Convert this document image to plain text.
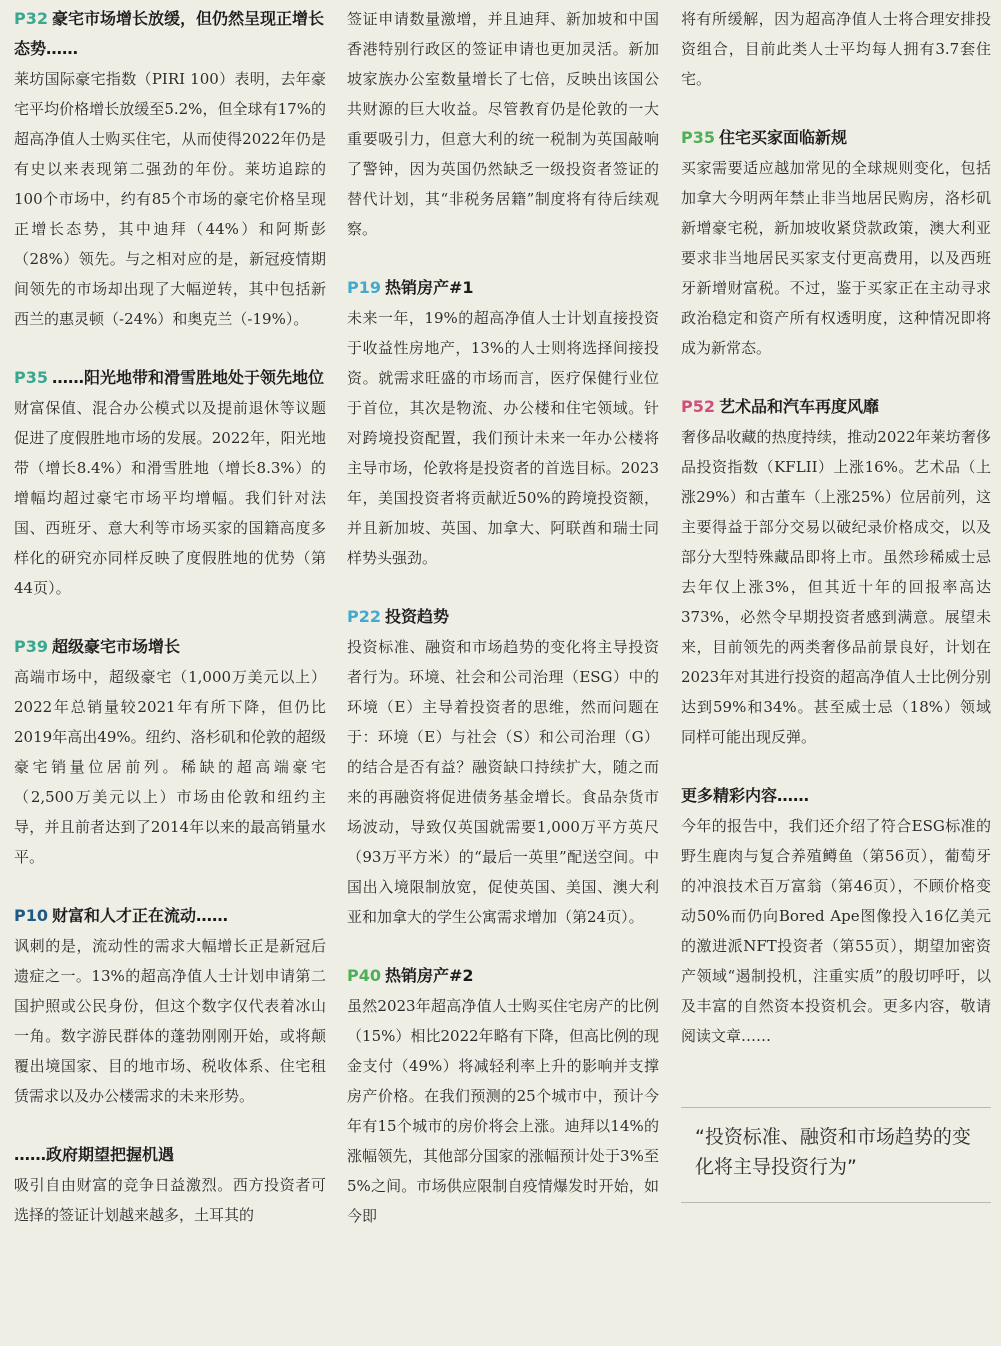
P32 豪宅市场增长放缓，但仍然呈现正增长态势……
莱坊国际豪宅指数（PIRI 100）表明，去年豪宅平均价格增长放缓至5.2%，但全球有17%的超高净值人士购买住宅，从而使得2022年仍是有史以来表现第二强劲的年份。莱坊追踪的100个市场中，约有85个市场的豪宅价格呈现正增长态势，其中迪拜（44%）和阿斯彭（28%）领先。与之相对应的是，新冠疫情期间领先的市场却出现了大幅逆转，其中包括新西兰的惠灵顿（-24%）和奥克兰（-19%）。
P35 ……阳光地带和滑雪胜地处于领先地位
财富保值、混合办公模式以及提前退休等议题促进了度假胜地市场的发展。2022年，阳光地带（增长8.4%）和滑雪胜地（增长8.3%）的增幅均超过豪宅市场平均增幅。我们针对法国、西班牙、意大利等市场买家的国籍高度多样化的研究亦同样反映了度假胜地的优势（第44页）。
P39 超级豪宅市场增长
高端市场中，超级豪宅（1,000万美元以上）2022年总销量较2021年有所下降，但仍比2019年高出49%。纽约、洛杉矶和伦敦的超级豪宅销量位居前列。稀缺的超高端豪宅（2,500万美元以上）市场由伦敦和纽约主导，并且前者达到了2014年以来的最高销量水平。
P10 财富和人才正在流动……
讽刺的是，流动性的需求大幅增长正是新冠后遗症之一。13%的超高净值人士计划申请第二国护照或公民身份，但这个数字仅代表着冰山一角。数字游民群体的蓬勃刚刚开始，或将颠覆出境国家、目的地市场、税收体系、住宅租赁需求以及办公楼需求的未来形势。
……政府期望把握机遇
吸引自由财富的竞争日益激烈。西方投资者可选择的签证计划越来越多，土耳其的
签证申请数量激增，并且迪拜、新加坡和中国香港特别行政区的签证申请也更加灵活。新加坡家族办公室数量增长了七倍，反映出该国公共财源的巨大收益。尽管教育仍是伦敦的一大重要吸引力，但意大利的统一税制为英国敲响了警钟，因为英国仍然缺乏一级投资者签证的替代计划，其“非税务居籍”制度将有待后续观察。
P19 热销房产#1
未来一年，19%的超高净值人士计划直接投资于收益性房地产，13%的人士则将选择间接投资。就需求旺盛的市场而言，医疗保健行业位于首位，其次是物流、办公楼和住宅领域。针对跨境投资配置，我们预计未来一年办公楼将主导市场，伦敦将是投资者的首选目标。2023年，美国投资者将贡献近50%的跨境投资额，并且新加坡、英国、加拿大、阿联酋和瑞士同样势头强劲。
P22 投资趋势
投资标准、融资和市场趋势的变化将主导投资者行为。环境、社会和公司治理（ESG）中的环境（E）主导着投资者的思维，然而问题在于：环境（E）与社会（S）和公司治理（G）的结合是否有益？融资缺口持续扩大，随之而来的再融资将促进债务基金增长。食品杂货市场波动，导致仅英国就需要1,000万平方英尺（93万平方米）的“最后一英里”配送空间。中国出入境限制放宽，促使英国、美国、澳大利亚和加拿大的学生公寓需求增加（第24页）。
P40 热销房产#2
虽然2023年超高净值人士购买住宅房产的比例（15%）相比2022年略有下降，但高比例的现金支付（49%）将减轻利率上升的影响并支撑房产价格。在我们预测的25个城市中，预计今年有15个城市的房价将会上涨。迪拜以14%的涨幅领先，其他部分国家的涨幅预计处于3%至5%之间。市场供应限制自疫情爆发时开始，如今即
将有所缓解，因为超高净值人士将合理安排投资组合，目前此类人士平均每人拥有3.7套住宅。
P35 住宅买家面临新规
买家需要适应越加常见的全球规则变化，包括加拿大今明两年禁止非当地居民购房，洛杉矶新增豪宅税，新加坡收紧贷款政策，澳大利亚要求非当地居民买家支付更高费用，以及西班牙新增财富税。不过，鉴于买家正在主动寻求政治稳定和资产所有权透明度，这种情况即将成为新常态。
P52 艺术品和汽车再度风靡
奢侈品收藏的热度持续，推动2022年莱坊奢侈品投资指数（KFLII）上涨16%。艺术品（上涨29%）和古董车（上涨25%）位居前列，这主要得益于部分交易以破纪录价格成交，以及部分大型特殊藏品即将上市。虽然珍稀威士忌去年仅上涨3%，但其近十年的回报率高达373%，必然令早期投资者感到满意。展望未来，目前领先的两类奢侈品前景良好，计划在2023年对其进行投资的超高净值人士比例分别达到59%和34%。甚至威士忌（18%）领域同样可能出现反弹。
更多精彩内容……
今年的报告中，我们还介绍了符合ESG标准的野生鹿肉与复合养殖鳟鱼（第56页），葡萄牙的冲浪技术百万富翁（第46页），不顾价格变动50%而仍向Bored Ape图像投入16亿美元的激进派NFT投资者（第55页），期望加密资产领域“遏制投机，注重实质”的殷切呼吁，以及丰富的自然资本投资机会。更多内容，敬请阅读文章……
“投资标准、融资和市场趋势的变化将主导投资行为”
